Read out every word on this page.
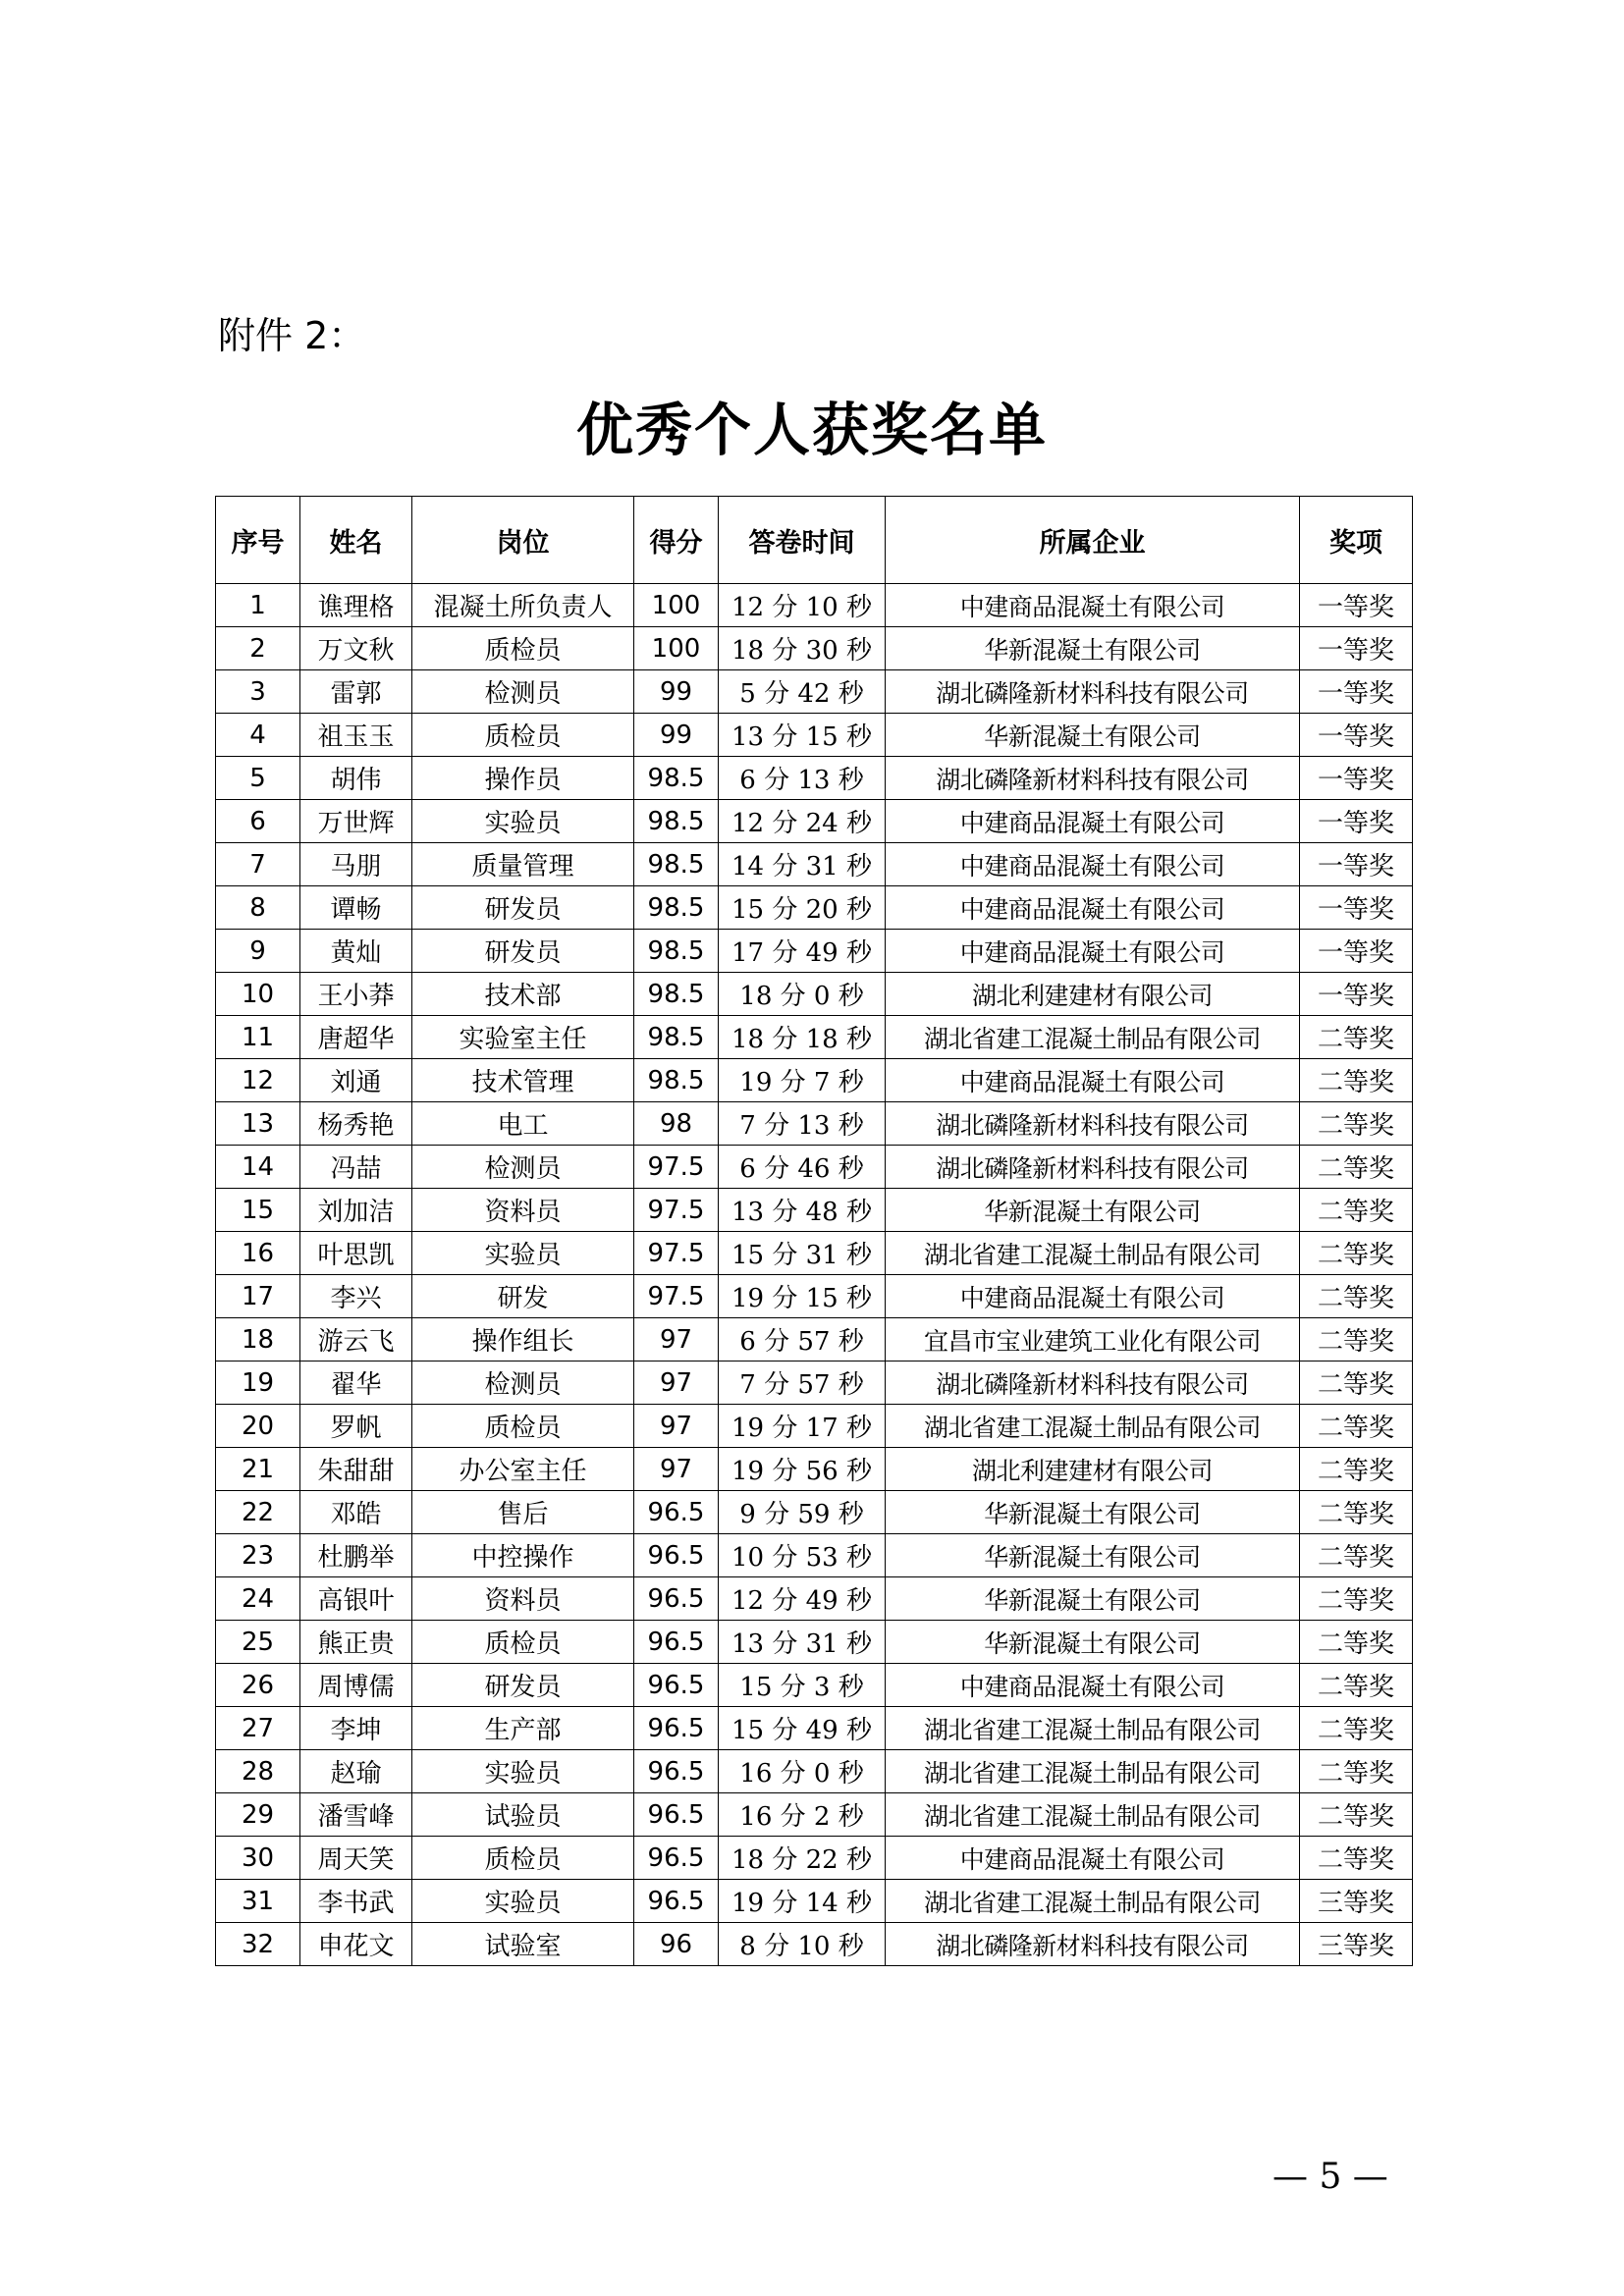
附件 2：
优秀个人获奖名单
序号	姓名	岗位	得分	答卷时间	所属企业	奖项
1	谯理格	混凝土所负责人	100	12 分 10 秒	中建商品混凝土有限公司	一等奖
2	万文秋	质检员	100	18 分 30 秒	华新混凝土有限公司	一等奖
3	雷郭	检测员	99	5 分 42 秒	湖北磷隆新材料科技有限公司	一等奖
4	祖玉玉	质检员	99	13 分 15 秒	华新混凝土有限公司	一等奖
5	胡伟	操作员	98.5	6 分 13 秒	湖北磷隆新材料科技有限公司	一等奖
6	万世辉	实验员	98.5	12 分 24 秒	中建商品混凝土有限公司	一等奖
7	马朋	质量管理	98.5	14 分 31 秒	中建商品混凝土有限公司	一等奖
8	谭畅	研发员	98.5	15 分 20 秒	中建商品混凝土有限公司	一等奖
9	黄灿	研发员	98.5	17 分 49 秒	中建商品混凝土有限公司	一等奖
10	王小莽	技术部	98.5	18 分 0 秒	湖北利建建材有限公司	一等奖
11	唐超华	实验室主任	98.5	18 分 18 秒	湖北省建工混凝土制品有限公司	二等奖
12	刘通	技术管理	98.5	19 分 7 秒	中建商品混凝土有限公司	二等奖
13	杨秀艳	电工	98	7 分 13 秒	湖北磷隆新材料科技有限公司	二等奖
14	冯喆	检测员	97.5	6 分 46 秒	湖北磷隆新材料科技有限公司	二等奖
15	刘加洁	资料员	97.5	13 分 48 秒	华新混凝土有限公司	二等奖
16	叶思凯	实验员	97.5	15 分 31 秒	湖北省建工混凝土制品有限公司	二等奖
17	李兴	研发	97.5	19 分 15 秒	中建商品混凝土有限公司	二等奖
18	游云飞	操作组长	97	6 分 57 秒	宜昌市宝业建筑工业化有限公司	二等奖
19	翟华	检测员	97	7 分 57 秒	湖北磷隆新材料科技有限公司	二等奖
20	罗帆	质检员	97	19 分 17 秒	湖北省建工混凝土制品有限公司	二等奖
21	朱甜甜	办公室主任	97	19 分 56 秒	湖北利建建材有限公司	二等奖
22	邓皓	售后	96.5	9 分 59 秒	华新混凝土有限公司	二等奖
23	杜鹏举	中控操作	96.5	10 分 53 秒	华新混凝土有限公司	二等奖
24	高银叶	资料员	96.5	12 分 49 秒	华新混凝土有限公司	二等奖
25	熊正贵	质检员	96.5	13 分 31 秒	华新混凝土有限公司	二等奖
26	周博儒	研发员	96.5	15 分 3 秒	中建商品混凝土有限公司	二等奖
27	李坤	生产部	96.5	15 分 49 秒	湖北省建工混凝土制品有限公司	二等奖
28	赵瑜	实验员	96.5	16 分 0 秒	湖北省建工混凝土制品有限公司	二等奖
29	潘雪峰	试验员	96.5	16 分 2 秒	湖北省建工混凝土制品有限公司	二等奖
30	周天笑	质检员	96.5	18 分 22 秒	中建商品混凝土有限公司	二等奖
31	李书武	实验员	96.5	19 分 14 秒	湖北省建工混凝土制品有限公司	三等奖
32	申花文	试验室	96	8 分 10 秒	湖北磷隆新材料科技有限公司	三等奖
— 5 —
